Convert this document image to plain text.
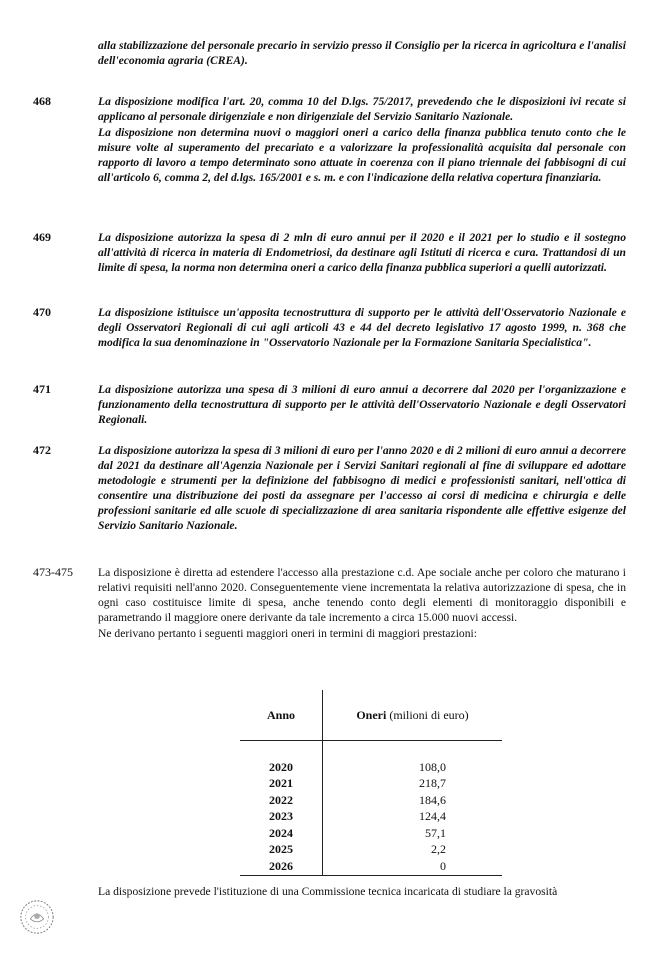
alla stabilizzazione del personale precario in servizio presso il Consiglio per la ricerca in agricoltura e l'analisi dell'economia agraria (CREA).
468	La disposizione modifica l'art. 20, comma 10 del D.lgs. 75/2017, prevedendo che le disposizioni ivi recate si applicano al personale dirigenziale e non dirigenziale del Servizio Sanitario Nazionale.
La disposizione non determina nuovi o maggiori oneri a carico della finanza pubblica tenuto conto che le misure volte al superamento del precariato e a valorizzare la professionalità acquisita dal personale con rapporto di lavoro a tempo determinato sono attuate in coerenza con il piano triennale dei fabbisogni di cui all'articolo 6, comma 2, del d.lgs. 165/2001 e s. m. e con l'indicazione della relativa copertura finanziaria.
469	La disposizione autorizza la spesa di 2 mln di euro annui per il 2020 e il 2021 per lo studio e il sostegno all'attività di ricerca in materia di Endometriosi, da destinare agli Istituti di ricerca e cura. Trattandosi di un limite di spesa, la norma non determina oneri a carico della finanza pubblica superiori a quelli autorizzati.
470	La disposizione istituisce un'apposita tecnostruttura di supporto per le attività dell'Osservatorio Nazionale e degli Osservatori Regionali di cui agli articoli 43 e 44 del decreto legislativo 17 agosto 1999, n. 368 che modifica la sua denominazione in "Osservatorio Nazionale per la Formazione Sanitaria Specialistica".
471	La disposizione autorizza una spesa di 3 milioni di euro annui a decorrere dal 2020 per l'organizzazione e funzionamento della tecnostruttura di supporto per le attività dell'Osservatorio Nazionale e degli Osservatori Regionali.
472	La disposizione autorizza la spesa di 3 milioni di euro per l'anno 2020 e di 2 milioni di euro annui a decorrere dal 2021 da destinare all'Agenzia Nazionale per i Servizi Sanitari regionali al fine di sviluppare ed adottare metodologie e strumenti per la definizione del fabbisogno di medici e professionisti sanitari, nell'ottica di consentire una distribuzione dei posti da assegnare per l'accesso ai corsi di medicina e chirurgia e delle professioni sanitarie ed alle scuole di specializzazione di area sanitaria rispondente alle effettive esigenze del Servizio Sanitario Nazionale.
473-475 La disposizione è diretta ad estendere l'accesso alla prestazione c.d. Ape sociale anche per coloro che maturano i relativi requisiti nell'anno 2020. Conseguentemente viene incrementata la relativa autorizzazione di spesa, che in ogni caso costituisce limite di spesa, anche tenendo conto degli elementi di monitoraggio disponibili e parametrando il maggiore onere derivante da tale incremento a circa 15.000 nuovi accessi.
Ne derivano pertanto i seguenti maggiori oneri in termini di maggiori prestazioni:
Anno	Oneri (milioni di euro)

2020	108,0
2021	218,7
2022	184,6
2023	124,4
2024	57,1
2025	2,2
2026	0
La disposizione prevede l'istituzione di una Commissione tecnica incaricata di studiare la gravosità
